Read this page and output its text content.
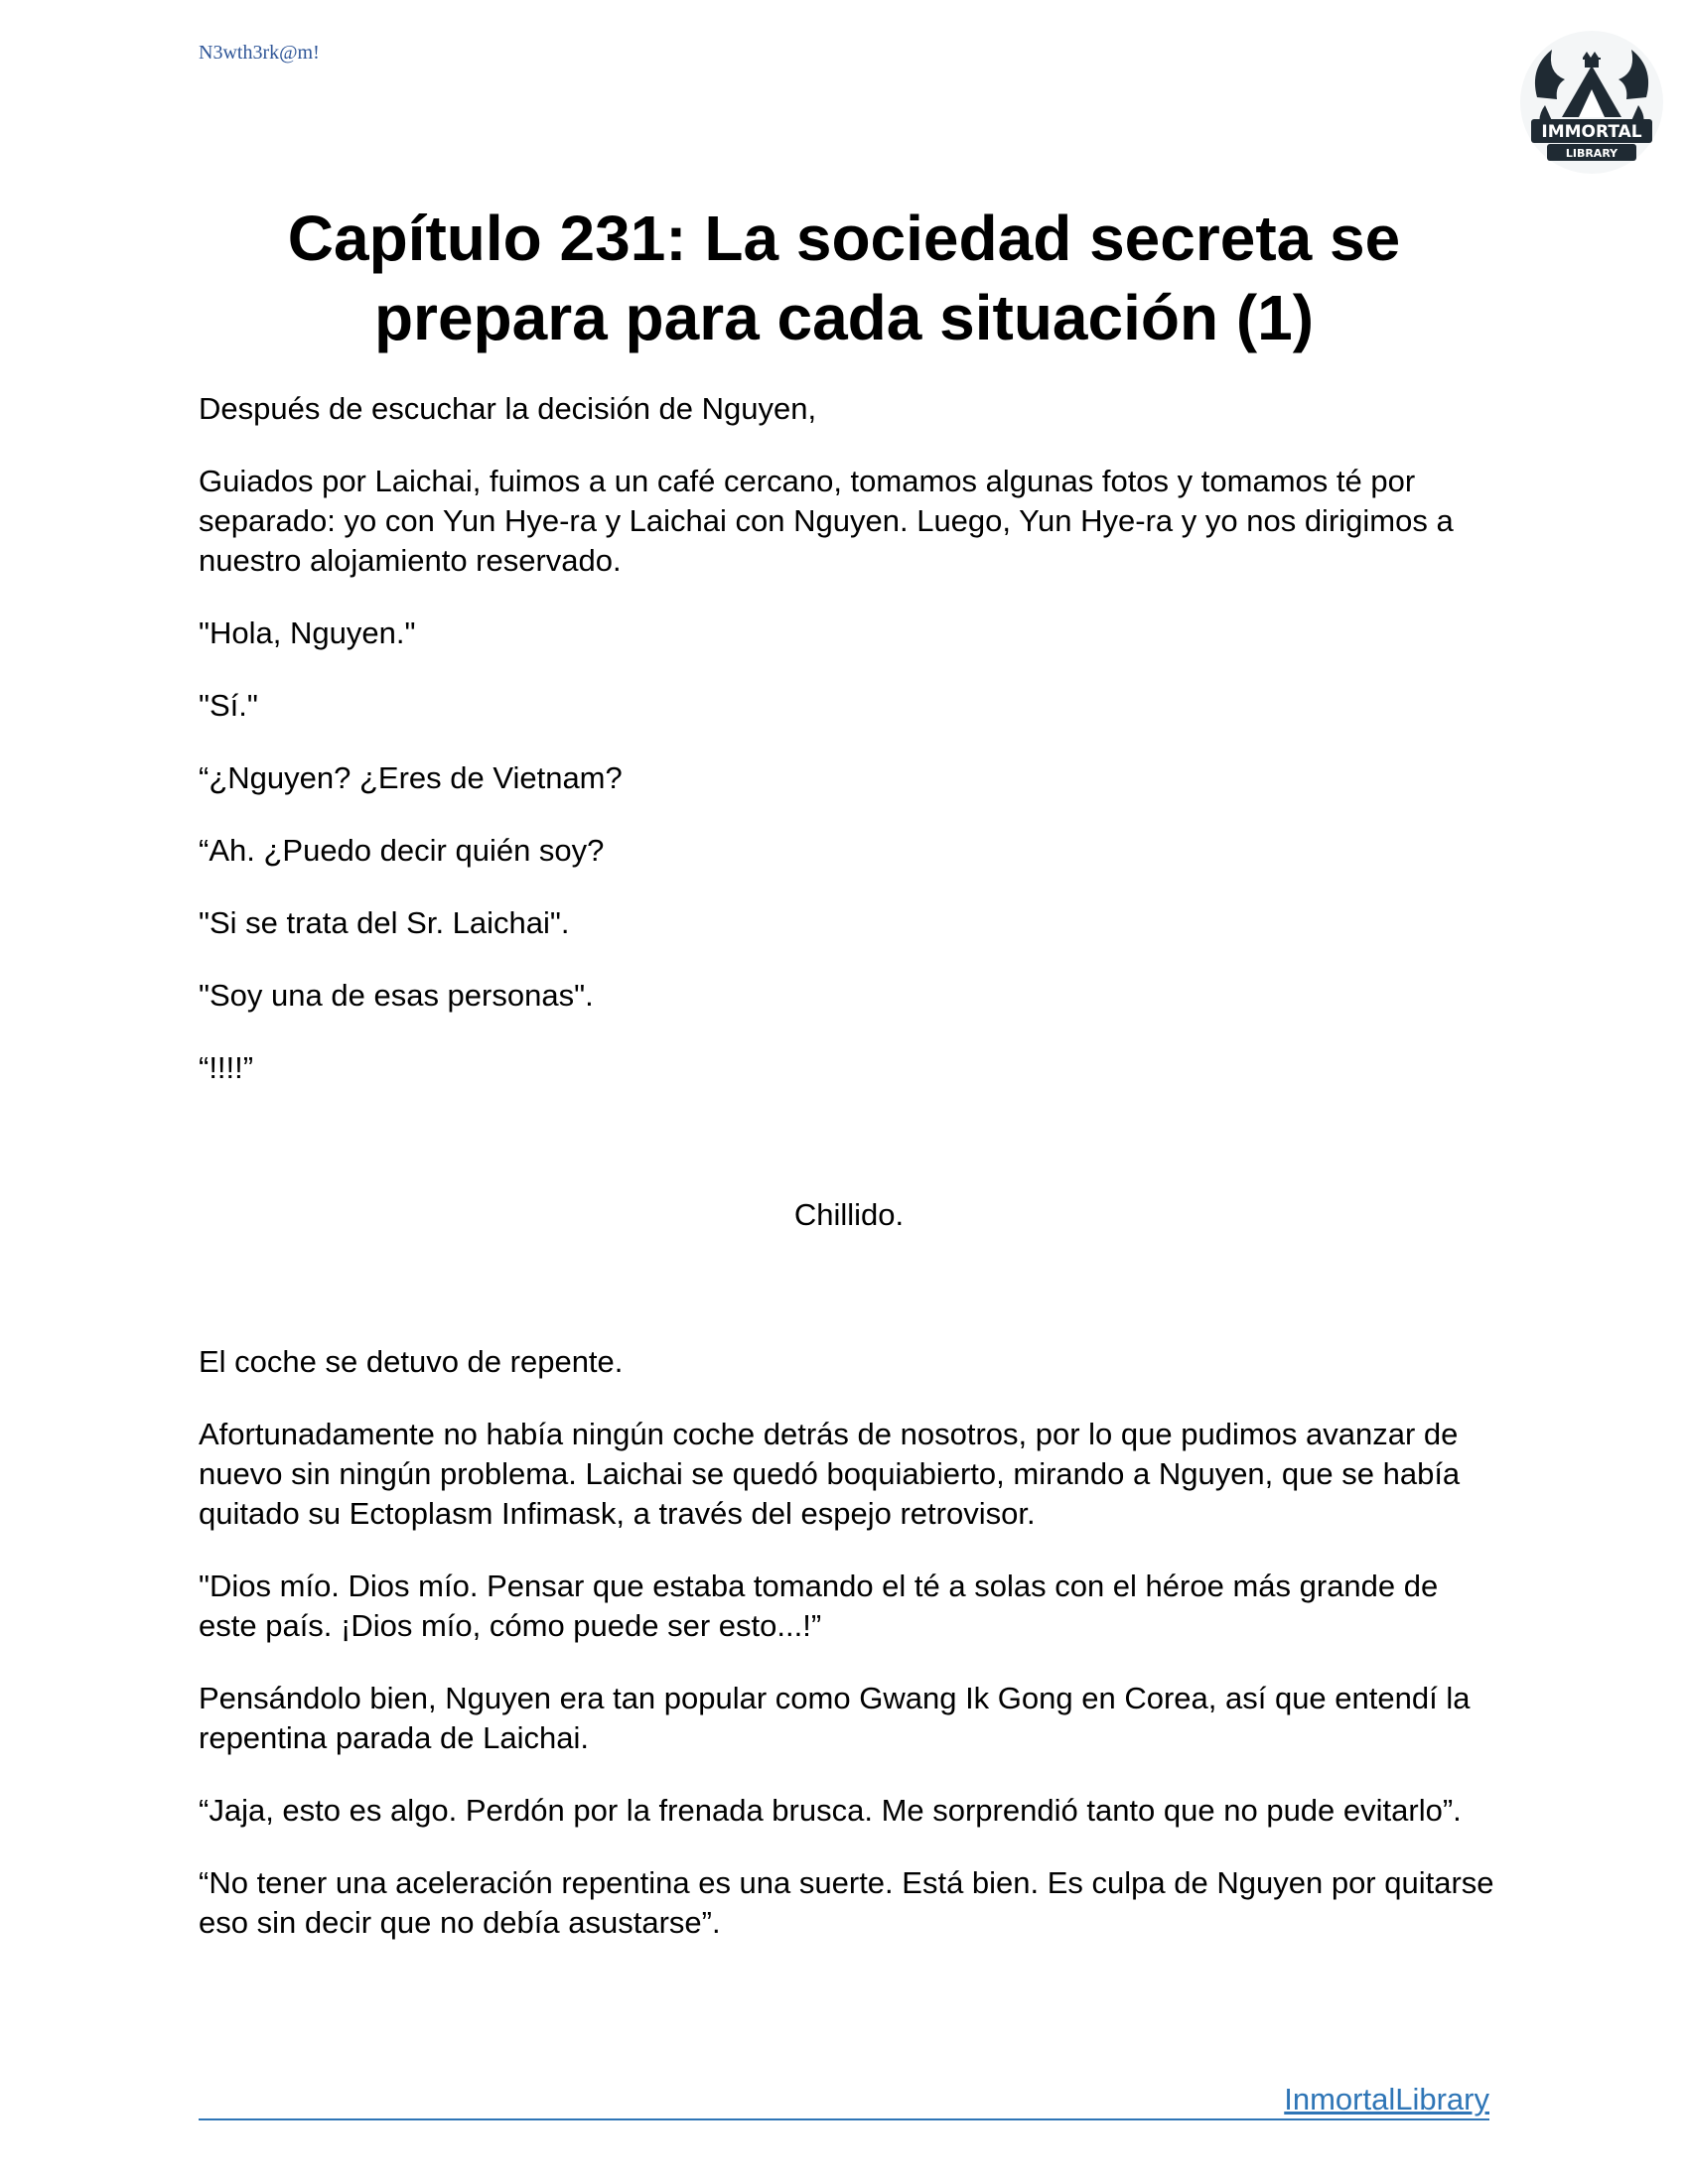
N3wth3rk@m!
IMMORTAL
LIBRARY
Capítulo 231: La sociedad secreta se prepara para cada situación (1)

Después de escuchar la decisión de Nguyen,

Guiados por Laichai, fuimos a un café cercano, tomamos algunas fotos y tomamos té por separado: yo con Yun Hye-ra y Laichai con Nguyen. Luego, Yun Hye-ra y yo nos dirigimos a nuestro alojamiento reservado.

"Hola, Nguyen."

"Sí."

“¿Nguyen? ¿Eres de Vietnam?

“Ah. ¿Puedo decir quién soy?

"Si se trata del Sr. Laichai".

"Soy una de esas personas".

“!!!!”

Chillido.

El coche se detuvo de repente.

Afortunadamente no había ningún coche detrás de nosotros, por lo que pudimos avanzar de nuevo sin ningún problema. Laichai se quedó boquiabierto, mirando a Nguyen, que se había quitado su Ectoplasm Infimask, a través del espejo retrovisor.

"Dios mío. Dios mío. Pensar que estaba tomando el té a solas con el héroe más grande de este país. ¡Dios mío, cómo puede ser esto...!”

Pensándolo bien, Nguyen era tan popular como Gwang Ik Gong en Corea, así que entendí la repentina parada de Laichai.

“Jaja, esto es algo. Perdón por la frenada brusca. Me sorprendió tanto que no pude evitarlo”.

“No tener una aceleración repentina es una suerte. Está bien. Es culpa de Nguyen por quitarse eso sin decir que no debía asustarse”.

InmortalLibrary
